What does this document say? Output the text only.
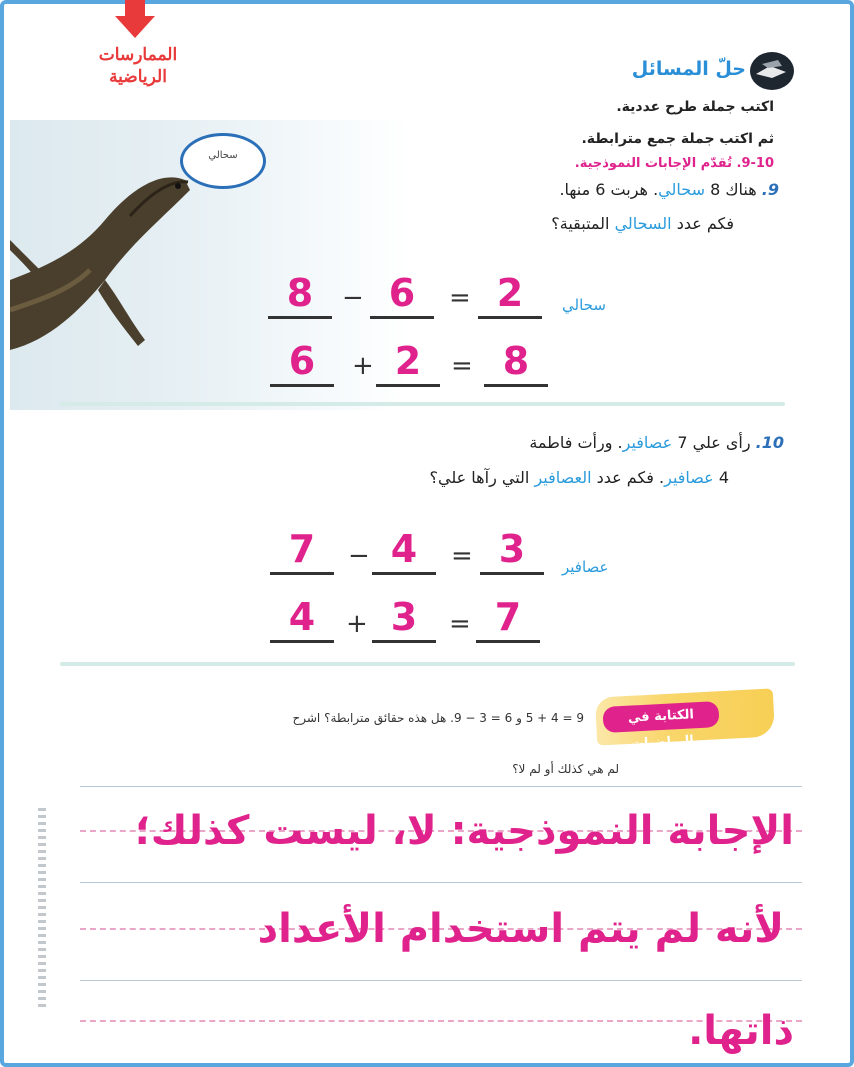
الممارسات الرياضية
سحالي
حلّ المسائل
اكتب جملة طرح عددية.
ثم اكتب جملة جمع مترابطة.
9-10. تُقدّم الإجابات النموذجية.
9. هناك 8 سحالي. هربت 6 منها.
فكم عدد السحالي المتبقية؟
سحالي
8	− 6	= 2
6	+ 2	= 8
10. رأى علي 7 عصافير. ورأت فاطمة
4 عصافير. فكم عدد العصافير التي رآها علي؟
عصافير
7	− 4	= 3
4	+ 3	= 7
الكتابة في الرياضيات
9 = 4 + 5 و 6 = 3 − 9. هل هذه حقائق مترابطة؟ اشرح
لم هي كذلك أو لم لا؟
الإجابة النموذجية: لا، ليست كذلك؛
لأنه لم يتم استخدام الأعداد
ذاتها.
